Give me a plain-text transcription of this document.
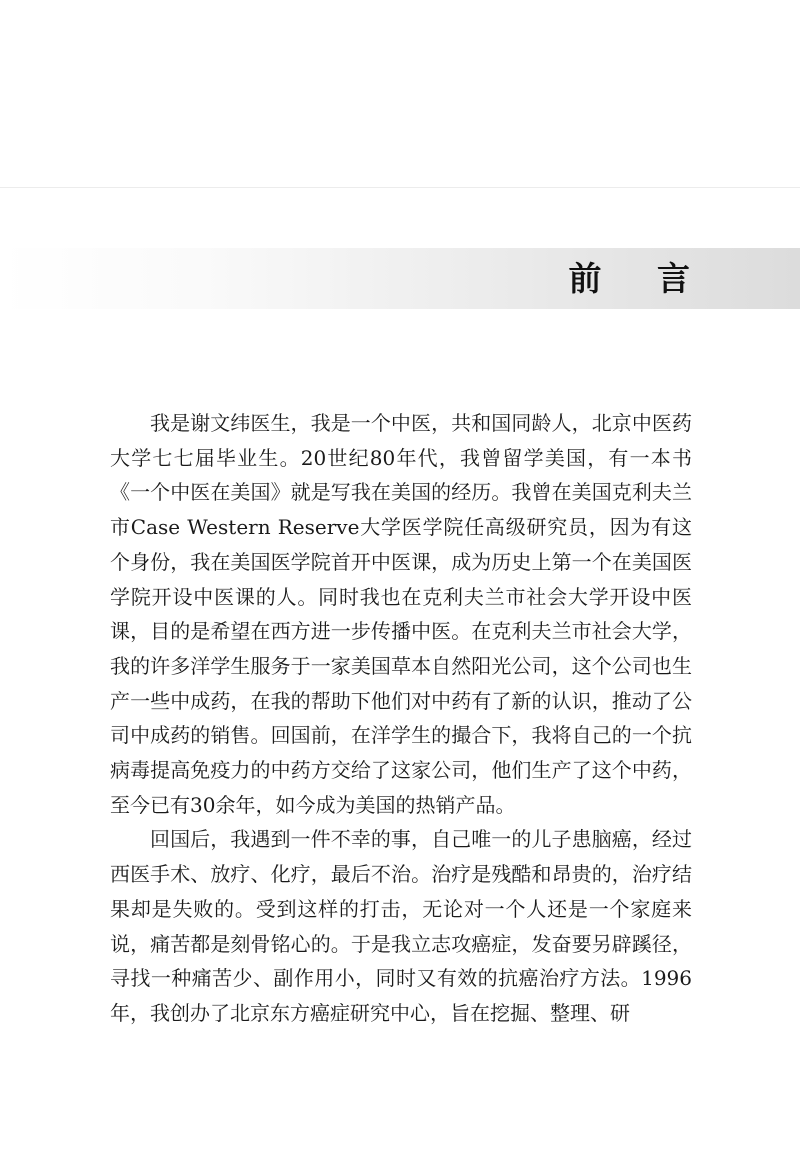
前 言

我是谢文纬医生，我是一个中医，共和国同龄人，北京中医药大学七七届毕业生。20世纪80年代，我曾留学美国，有一本书《一个中医在美国》就是写我在美国的经历。我曾在美国克利夫兰市Case Western Reserve大学医学院任高级研究员，因为有这个身份，我在美国医学院首开中医课，成为历史上第一个在美国医学院开设中医课的人。同时我也在克利夫兰市社会大学开设中医课，目的是希望在西方进一步传播中医。在克利夫兰市社会大学，我的许多洋学生服务于一家美国草本自然阳光公司，这个公司也生产一些中成药，在我的帮助下他们对中药有了新的认识，推动了公司中成药的销售。回国前，在洋学生的撮合下，我将自己的一个抗病毒提高免疫力的中药方交给了这家公司，他们生产了这个中药，至今已有30余年，如今成为美国的热销产品。

回国后，我遇到一件不幸的事，自己唯一的儿子患脑癌，经过西医手术、放疗、化疗，最后不治。治疗是残酷和昂贵的，治疗结果却是失败的。受到这样的打击，无论对一个人还是一个家庭来说，痛苦都是刻骨铭心的。于是我立志攻癌症，发奋要另辟蹊径，寻找一种痛苦少、副作用小，同时又有效的抗癌治疗方法。1996年，我创办了北京东方癌症研究中心，旨在挖掘、整理、研
